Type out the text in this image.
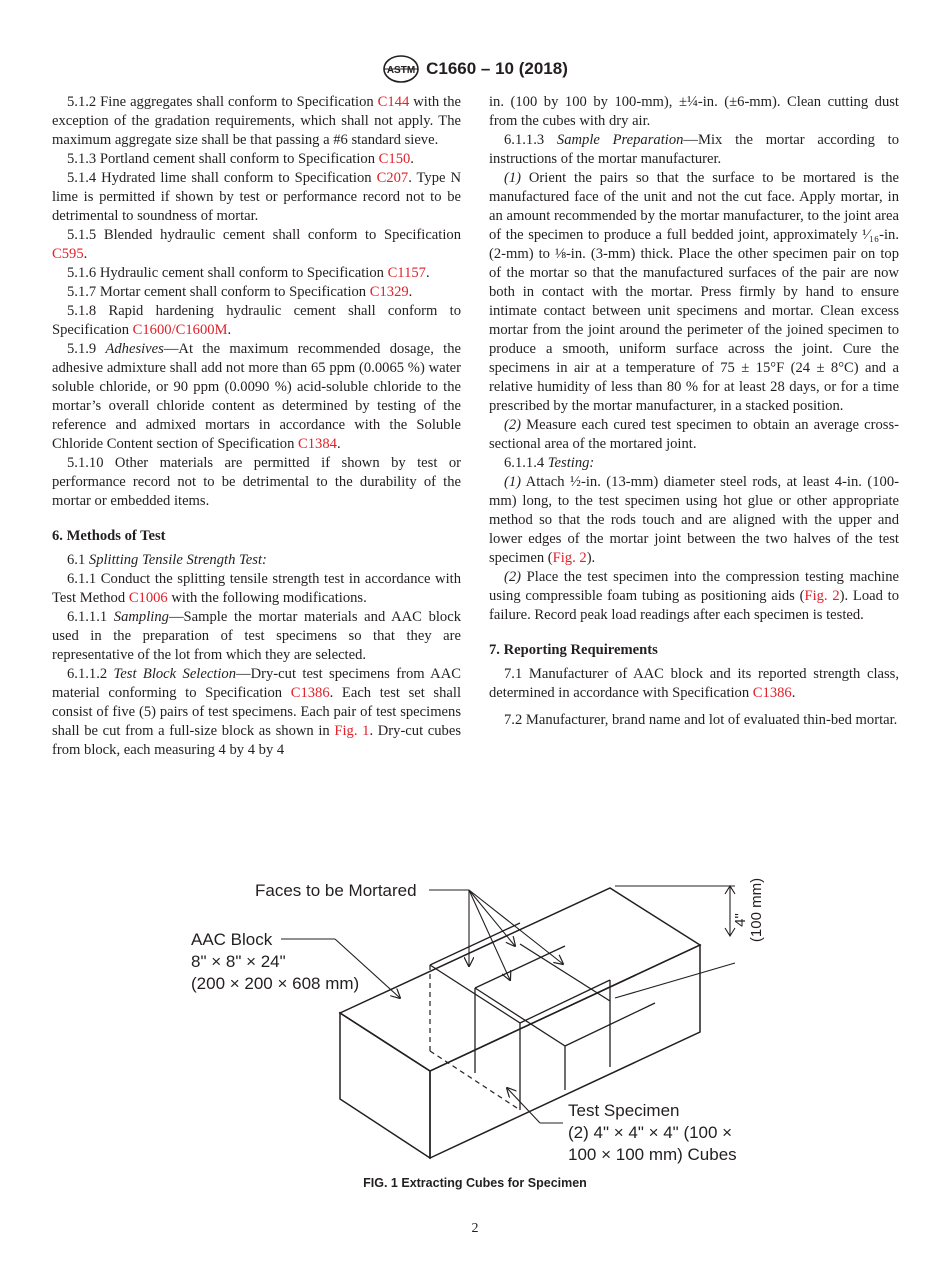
ASTM C1660 – 10 (2018)

5.1.2 Fine aggregates shall conform to Specification C144 with the exception of the gradation requirements, which shall not apply. The maximum aggregate size shall be that passing a #6 standard sieve.

5.1.3 Portland cement shall conform to Specification C150.

5.1.4 Hydrated lime shall conform to Specification C207. Type N lime is permitted if shown by test or performance record not to be detrimental to soundness of mortar.

5.1.5 Blended hydraulic cement shall conform to Specification C595.

5.1.6 Hydraulic cement shall conform to Specification C1157.

5.1.7 Mortar cement shall conform to Specification C1329.

5.1.8 Rapid hardening hydraulic cement shall conform to Specification C1600/C1600M.

5.1.9 Adhesives—At the maximum recommended dosage, the adhesive admixture shall add not more than 65 ppm (0.0065 %) water soluble chloride, or 90 ppm (0.0090 %) acid-soluble chloride to the mortar’s overall chloride content as determined by testing of the reference and admixed mortars in accordance with the Soluble Chloride Content section of Specification C1384.

5.1.10 Other materials are permitted if shown by test or performance record not to be detrimental to the durability of the mortar or embedded items.

6. Methods of Test

6.1 Splitting Tensile Strength Test:

6.1.1 Conduct the splitting tensile strength test in accordance with Test Method C1006 with the following modifications.

6.1.1.1 Sampling—Sample the mortar materials and AAC block used in the preparation of test specimens so that they are representative of the lot from which they are selected.

6.1.1.2 Test Block Selection—Dry-cut test specimens from AAC material conforming to Specification C1386. Each test set shall consist of five (5) pairs of test specimens. Each pair of test specimens shall be cut from a full-size block as shown in Fig. 1. Dry-cut cubes from block, each measuring 4 by 4 by 4

in. (100 by 100 by 100-mm), ±¼-in. (±6-mm). Clean cutting dust from the cubes with dry air.

6.1.1.3 Sample Preparation—Mix the mortar according to instructions of the mortar manufacturer.

(1) Orient the pairs so that the surface to be mortared is the manufactured face of the unit and not the cut face. Apply mortar, in an amount recommended by the mortar manufacturer, to the joint area of the specimen to produce a full bedded joint, approximately ¹⁄₁₆-in. (2-mm) to ⅛-in. (3-mm) thick. Place the other specimen pair on top of the mortar so that the manufactured surfaces of the pair are now both in contact with the mortar. Press firmly by hand to ensure intimate contact between unit specimens and mortar. Clean excess mortar from the joint around the perimeter of the joined specimen to produce a smooth, uniform surface across the joint. Cure the specimens in air at a temperature of 75 ± 15°F (24 ± 8°C) and a relative humidity of less than 80 % for at least 28 days, or for a time prescribed by the mortar manufacturer, in a stacked position.

(2) Measure each cured test specimen to obtain an average cross-sectional area of the mortared joint.

6.1.1.4 Testing:

(1) Attach ½-in. (13-mm) diameter steel rods, at least 4-in. (100-mm) long, to the test specimen using hot glue or other appropriate method so that the rods touch and are aligned with the upper and lower edges of the mortar joint between the two halves of the test specimen (Fig. 2).

(2) Place the test specimen into the compression testing machine using compressible foam tubing as positioning aids (Fig. 2). Load to failure. Record peak load readings after each specimen is tested.

7. Reporting Requirements

7.1 Manufacturer of AAC block and its reported strength class, determined in accordance with Specification C1386.

7.2 Manufacturer, brand name and lot of evaluated thin-bed mortar.

Faces to be Mortared
AAC Block
8" × 8" × 24"
(200 × 200 × 608 mm)
Test Specimen
(2) 4" × 4" × 4" (100 ×
100 × 100 mm) Cubes
4" (100 mm)
FIG. 1 Extracting Cubes for Specimen
2
